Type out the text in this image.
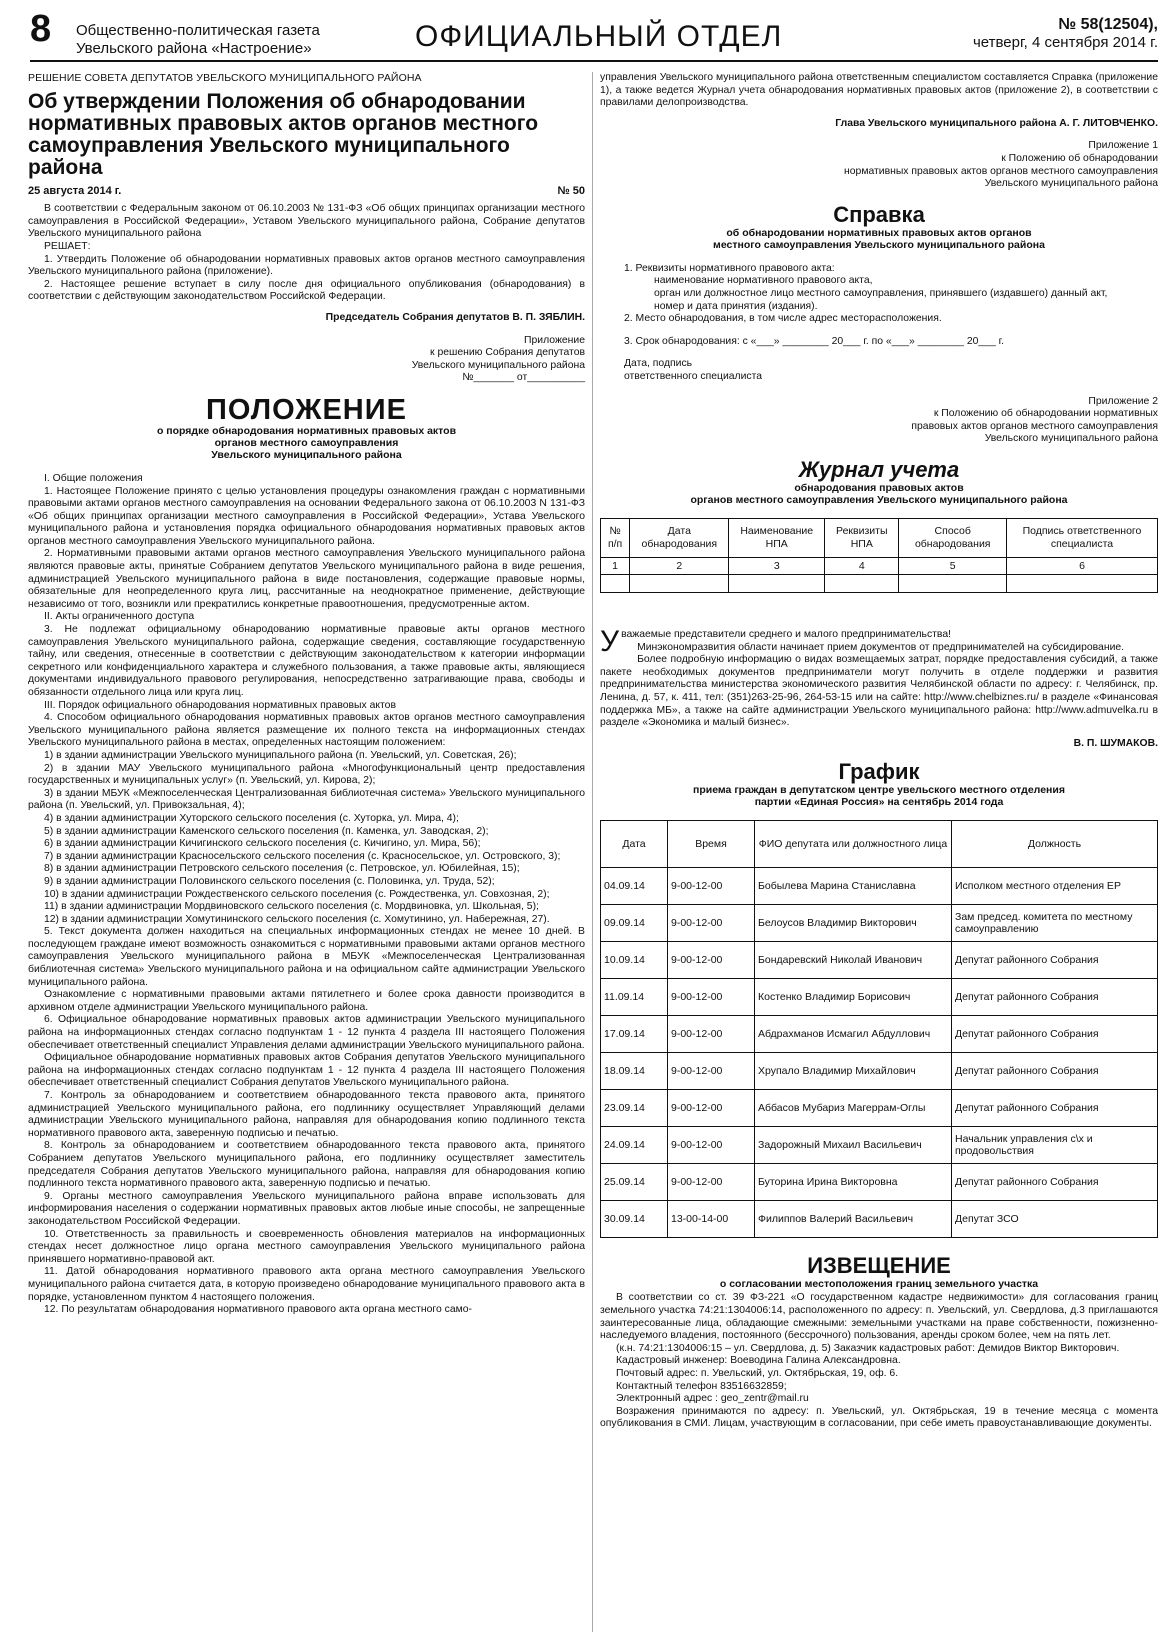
8 Общественно-политическая газета
Увельского района «Настроение»	ОФИЦИАЛЬНЫЙ ОТДЕЛ	№ 58(12504),
четверг, 4 сентября 2014 г.
РЕШЕНИЕ СОВЕТА ДЕПУТАТОВ УВЕЛЬСКОГО МУНИЦИПАЛЬНОГО РАЙОНА
Об утверждении Положения об обнародовании нормативных правовых актов органов местного самоуправления Увельского муниципального района
25 августа 2014 г.	№ 50

В соответствии с Федеральным законом от 06.10.2003 № 131-ФЗ «Об общих принципах организации местного самоуправления в Российской Федерации», Уставом Увельского муниципального района, Собрание депутатов Увельского муниципального района

РЕШАЕТ:

1. Утвердить Положение об обнародовании нормативных правовых актов органов местного самоуправления Увельского муниципального района (приложение).

2. Настоящее решение вступает в силу после дня официального опубликования (обнародования) в соответствии с действующим законодательством Российской Федерации.

Председатель Собрания депутатов В. П. ЗЯБЛИН.

Приложение
к решению Собрания депутатов
Увельского муниципального района
№_______ от__________
ПОЛОЖЕНИЕ
о порядке обнародования нормативных правовых актов
органов местного самоуправления
Увельского муниципального района

I. Общие положения

1. Настоящее Положение принято с целью установления процедуры ознакомления граждан с нормативными правовыми актами органов местного самоуправления на основании Федерального закона от 06.10.2003 N 131-ФЗ «Об общих принципах организации местного самоуправления в Российской Федерации», Устава Увельского муниципального района и установления порядка официального обнародования нормативных правовых актов органов местного самоуправления Увельского муниципального района.

2. Нормативными правовыми актами органов местного самоуправления Увельского муниципального района являются правовые акты, принятые Собранием депутатов Увельского муниципального района в виде решения, администрацией Увельского муниципального района в виде постановления, содержащие правовые нормы, обязательные для неопределенного круга лиц, рассчитанные на неоднократное применение, действующие независимо от того, возникли или прекратились конкретные правоотношения, предусмотренные актом.

II. Акты ограниченного доступа

3. Не подлежат официальному обнародованию нормативные правовые акты органов местного самоуправления Увельского муниципального района, содержащие сведения, составляющие государственную тайну, или сведения, отнесенные в соответствии с действующим законодательством к категории информации секретного или конфиденциального характера и служебного пользования, а также правовые акты, являющиеся документами индивидуального правового регулирования, непосредственно затрагивающие права, свободы и обязанности отдельного лица или круга лиц.

III. Порядок официального обнародования нормативных правовых актов

4. Способом официального обнародования нормативных правовых актов органов местного самоуправления Увельского муниципального района является размещение их полного текста на информационных стендах Увельского муниципального района в местах, определенных настоящим положением:

1) в здании администрации Увельского муниципального района (п. Увельский, ул. Советская, 26);

2) в здании МАУ Увельского муниципального района «Многофункциональный центр предоставления государственных и муниципальных услуг» (п. Увельский, ул. Кирова, 2);

3) в здании МБУК «Межпоселенческая Централизованная библиотечная система» Увельского муниципального района (п. Увельский, ул. Привокзальная, 4);

4) в здании администрации Хуторского сельского поселения (с. Хуторка, ул. Мира, 4);

5) в здании администрации Каменского сельского поселения (п. Каменка, ул. Заводская, 2);

6) в здании администрации Кичигинского сельского поселения (с. Кичигино, ул. Мира, 56);

7) в здании администрации Красносельского сельского поселения (с. Красносельское, ул. Островского, 3);

8) в здании администрации Петровского сельского поселения (с. Петровское, ул. Юбилейная, 15);

9) в здании администрации Половинского сельского поселения (с. Половинка, ул. Труда, 52);

10) в здании администрации Рождественского сельского поселения (с. Рождественка, ул. Совхозная, 2);

11) в здании администрации Мордвиновского сельского поселения (с. Мордвиновка, ул. Школьная, 5);

12) в здании администрации Хомутининского сельского поселения (с. Хомутинино, ул. Набережная, 27).

5. Текст документа должен находиться на специальных информационных стендах не менее 10 дней. В последующем граждане имеют возможность ознакомиться с нормативными правовыми актами органов местного самоуправления Увельского муниципального района в МБУК «Межпоселенческая Централизованная библиотечная система» Увельского муниципального района и на официальном сайте администрации Увельского муниципального района.

Ознакомление с нормативными правовыми актами пятилетнего и более срока давности производится в архивном отделе администрации Увельского муниципального района.

6. Официальное обнародование нормативных правовых актов администрации Увельского муниципального района на информационных стендах согласно подпунктам 1 - 12 пункта 4 раздела III настоящего Положения обеспечивает ответственный специалист Управления делами администрации Увельского муниципального района.

Официальное обнародование нормативных правовых актов Собрания депутатов Увельского муниципального района на информационных стендах согласно подпунктам 1 - 12 пункта 4 раздела III настоящего Положения обеспечивает ответственный специалист Собрания депутатов Увельского муниципального района.

7. Контроль за обнародованием и соответствием обнародованного текста правового акта, принятого администрацией Увельского муниципального района, его подлиннику осуществляет Управляющий делами администрации Увельского муниципального района, направляя для обнародования копию подлинного текста нормативного правового акта, заверенную подписью и печатью.

8. Контроль за обнародованием и соответствием обнародованного текста правового акта, принятого Собранием депутатов Увельского муниципального района, его подлиннику осуществляет заместитель председателя Собрания депутатов Увельского муниципального района, направляя для обнародования копию подлинного текста нормативного правового акта, заверенную подписью и печатью.

9. Органы местного самоуправления Увельского муниципального района вправе использовать для информирования населения о содержании нормативных правовых актов любые иные способы, не запрещенные законодательством Российской Федерации.

10. Ответственность за правильность и своевременность обновления материалов на информационных стендах несет должностное лицо органа местного самоуправления Увельского муниципального района принявшего нормативно-правовой акт.

11. Датой обнародования нормативного правового акта органа местного самоуправления Увельского муниципального района считается дата, в которую произведено обнародование муниципального правового акта в порядке, установленном пунктом 4 настоящего положения.

12. По результатам обнародования нормативного правового акта органа местного само-

управления Увельского муниципального района ответственным специалистом составляется Справка (приложение 1), а также ведется Журнал учета обнародования нормативных правовых актов (приложение 2), в соответствии с правилами делопроизводства.

Глава Увельского муниципального района А. Г. ЛИТОВЧЕНКО.

Приложение 1
к Положению об обнародовании
нормативных правовых актов органов местного самоуправления
Увельского муниципального района
Справка
об обнародовании нормативных правовых актов органов
местного самоуправления Увельского муниципального района

1. Реквизиты нормативного правового акта:

наименование нормативного правового акта,

орган или должностное лицо местного самоуправления, принявшего (издавшего) данный акт,

номер и дата принятия (издания).

2. Место обнародования, в том числе адрес месторасположения.

3. Срок обнародования: с «___» ________ 20___ г. по «___» ________ 20___ г.

Дата, подпись

ответственного специалиста

Приложение 2
к Положению об обнародовании нормативных
правовых актов органов местного самоуправления
Увельского муниципального района
Журнал учета
обнародования правовых актов
органов местного самоуправления Увельского муниципального района
№ п/п	Дата обнародования	Наименование НПА	Реквизиты НПА	Способ обнародования	Подпись ответственного специалиста
1	2	3	4	5	6

Уважаемые представители среднего и малого предпринимательства!

Минэкономразвития области начинает прием документов от предпринимателей на субсидирование.

Более подробную информацию о видах возмещаемых затрат, порядке предоставления субсидий, а также пакете необходимых документов предприниматели могут получить в отделе поддержки и развития предпринимательства министерства экономического развития Челябинской области по адресу: г. Челябинск, пр. Ленина, д. 57, к. 411, тел: (351)263-25-96, 264-53-15 или на сайте: http://www.chelbiznes.ru/ в разделе «Финансовая поддержка МБ», а также на сайте администрации Увельского муниципального района: http://www.admuvelka.ru в разделе «Экономика и малый бизнес».

В. П. ШУМАКОВ.

График
приема граждан в депутатском центре увельского местного отделения
партии «Единая Россия» на сентябрь 2014 года
Дата	Время	ФИО депутата или должностного лица	Должность
04.09.14	9-00-12-00	Бобылева Марина Станиславна	Исполком местного отделения ЕР
09.09.14	9-00-12-00	Белоусов Владимир Викторович	Зам председ. комитета по местному самоуправлению
10.09.14	9-00-12-00	Бондаревский Николай Иванович	Депутат районного Собрания
11.09.14	9-00-12-00	Костенко Владимир Борисович	Депутат районного Собрания
17.09.14	9-00-12-00	Абдрахманов Исмагил Абдуллович	Депутат районного Собрания
18.09.14	9-00-12-00	Хрупало Владимир Михайлович	Депутат районного Собрания
23.09.14	9-00-12-00	Аббасов Мубариз Магеррам-Оглы	Депутат районного Собрания
24.09.14	9-00-12-00	Задорожный Михаил Васильевич	Начальник управления с\х и продовольствия
25.09.14	9-00-12-00	Буторина Ирина Викторовна	Депутат районного Собрания
30.09.14	13-00-14-00	Филиппов Валерий Васильевич	Депутат ЗСО
ИЗВЕЩЕНИЕ
о согласовании местоположения границ земельного участка

В соответствии со ст. 39 ФЗ-221 «О государственном кадастре недвижимости» для согласования границ земельного участка 74:21:1304006:14, расположенного по адресу: п. Увельский, ул. Свердлова, д.3 приглашаются заинтересованные лица, обладающие смежными: земельными участками на праве собственности, пожизненно-наследуемого владения, постоянного (бессрочного) пользования, аренды сроком более, чем на пять лет.

(к.н. 74:21:1304006:15 – ул. Свердлова, д. 5) Заказчик кадастровых работ: Демидов Виктор Викторович.

Кадастровый инженер: Воеводина Галина Александровна.

Почтовый адрес: п. Увельский, ул. Октябрьская, 19, оф. 6.

Контактный телефон 83516632859;

Электронный адрес : geo_zentr@mail.ru

Возражения принимаются по адресу: п. Увельский, ул. Октябрьская, 19 в течение месяца с момента опубликования в СМИ. Лицам, участвующим в согласовании, при себе иметь правоустанавливающие документы.
